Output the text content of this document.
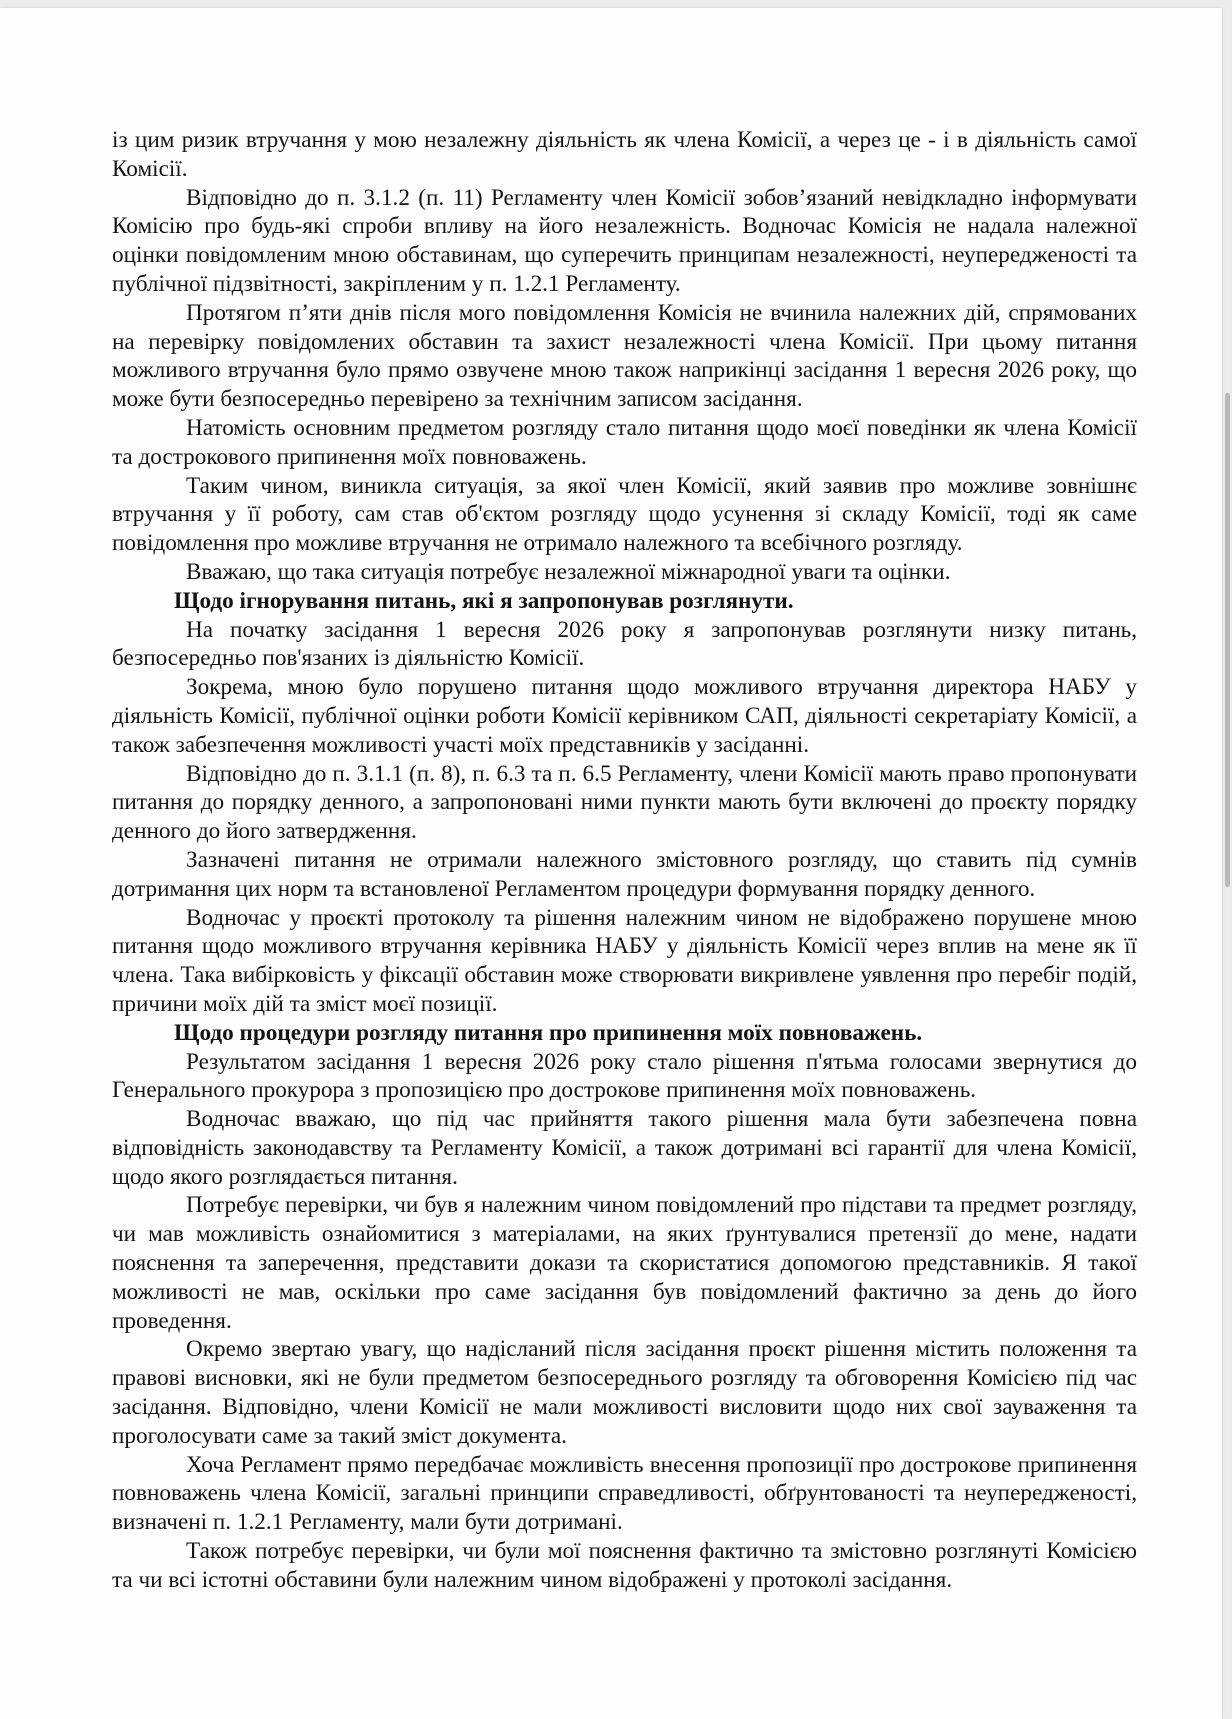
із цим ризик втручання у мою незалежну діяльність як члена Комісії, а через це - і в діяльність самої Комісії.

Відповідно до п. 3.1.2 (п. 11) Регламенту член Комісії зобов’язаний невідкладно інформувати Комісію про будь-які спроби впливу на його незалежність. Водночас Комісія не надала належної оцінки повідомленим мною обставинам, що суперечить принципам незалежності, неупередженості та публічної підзвітності, закріпленим у п. 1.2.1 Регламенту.

Протягом п’яти днів після мого повідомлення Комісія не вчинила належних дій, спрямованих на перевірку повідомлених обставин та захист незалежності члена Комісії. При цьому питання можливого втручання було прямо озвучене мною також наприкінці засідання 1 вересня 2026 року, що може бути безпосередньо перевірено за технічним записом засідання.

Натомість основним предметом розгляду стало питання щодо моєї поведінки як члена Комісії та дострокового припинення моїх повноважень.

Таким чином, виникла ситуація, за якої член Комісії, який заявив про можливе зовнішнє втручання у її роботу, сам став об'єктом розгляду щодо усунення зі складу Комісії, тоді як саме повідомлення про можливе втручання не отримало належного та всебічного розгляду.

Вважаю, що така ситуація потребує незалежної міжнародної уваги та оцінки.

Щодо ігнорування питань, які я запропонував розглянути.

На початку засідання 1 вересня 2026 року я запропонував розглянути низку питань, безпосередньо пов'язаних із діяльністю Комісії.

Зокрема, мною було порушено питання щодо можливого втручання директора НАБУ у діяльність Комісії, публічної оцінки роботи Комісії керівником САП, діяльності секретаріату Комісії, а також забезпечення можливості участі моїх представників у засіданні.

Відповідно до п. 3.1.1 (п. 8), п. 6.3 та п. 6.5 Регламенту, члени Комісії мають право пропонувати питання до порядку денного, а запропоновані ними пункти мають бути включені до проєкту порядку денного до його затвердження.

Зазначені питання не отримали належного змістовного розгляду, що ставить під сумнів дотримання цих норм та встановленої Регламентом процедури формування порядку денного.

Водночас у проєкті протоколу та рішення належним чином не відображено порушене мною питання щодо можливого втручання керівника НАБУ у діяльність Комісії через вплив на мене як її члена. Така вибірковість у фіксації обставин може створювати викривлене уявлення про перебіг подій, причини моїх дій та зміст моєї позиції.

Щодо процедури розгляду питання про припинення моїх повноважень.

Результатом засідання 1 вересня 2026 року стало рішення п'ятьма голосами звернутися до Генерального прокурора з пропозицією про дострокове припинення моїх повноважень.

Водночас вважаю, що під час прийняття такого рішення мала бути забезпечена повна відповідність законодавству та Регламенту Комісії, а також дотримані всі гарантії для члена Комісії, щодо якого розглядається питання.

Потребує перевірки, чи був я належним чином повідомлений про підстави та предмет розгляду, чи мав можливість ознайомитися з матеріалами, на яких ґрунтувалися претензії до мене, надати пояснення та заперечення, представити докази та скористатися допомогою представників. Я такої можливості не мав, оскільки про саме засідання був повідомлений фактично за день до його проведення.

Окремо звертаю увагу, що надісланий після засідання проєкт рішення містить положення та правові висновки, які не були предметом безпосереднього розгляду та обговорення Комісією під час засідання. Відповідно, члени Комісії не мали можливості висловити щодо них свої зауваження та проголосувати саме за такий зміст документа.

Хоча Регламент прямо передбачає можливість внесення пропозиції про дострокове припинення повноважень члена Комісії, загальні принципи справедливості, обґрунтованості та неупередженості, визначені п. 1.2.1 Регламенту, мали бути дотримані.

Також потребує перевірки, чи були мої пояснення фактично та змістовно розглянуті Комісією та чи всі істотні обставини були належним чином відображені у протоколі засідання.
